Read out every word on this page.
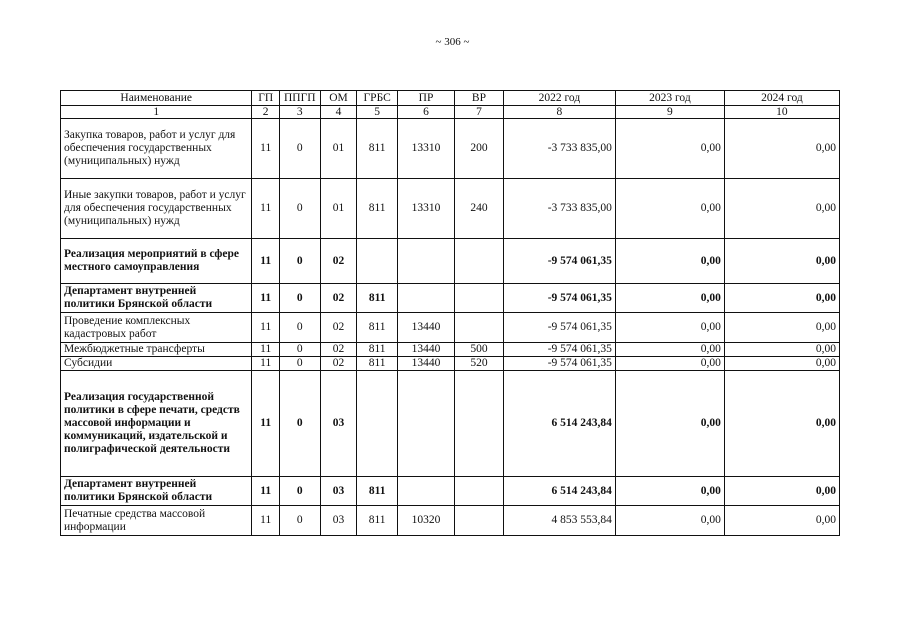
~ 306 ~
Наименование	ГП	ППГП	ОМ	ГРБС	ПР	ВР	2022 год	2023 год	2024 год
1	2	3	4	5	6	7	8	9	10
Закупка товаров, работ и услуг для обеспечения государственных (муниципальных) нужд	11	0	01	811	13310	200	-3 733 835,00	0,00	0,00
Иные закупки товаров, работ и услуг для обеспечения государственных (муниципальных) нужд	11	0	01	811	13310	240	-3 733 835,00	0,00	0,00
Реализация мероприятий в сфере местного самоуправления	11	0	02				-9 574 061,35	0,00	0,00
Департамент внутренней политики Брянской области	11	0	02	811			-9 574 061,35	0,00	0,00
Проведение комплексных кадастровых работ	11	0	02	811	13440		-9 574 061,35	0,00	0,00
Межбюджетные трансферты	11	0	02	811	13440	500	-9 574 061,35	0,00	0,00
Субсидии	11	0	02	811	13440	520	-9 574 061,35	0,00	0,00
Реализация государственной политики в сфере печати, средств массовой информации и коммуникаций, издательской и полиграфической деятельности	11	0	03				6 514 243,84	0,00	0,00
Департамент внутренней политики Брянской области	11	0	03	811			6 514 243,84	0,00	0,00
Печатные средства массовой информации	11	0	03	811	10320		4 853 553,84	0,00	0,00
